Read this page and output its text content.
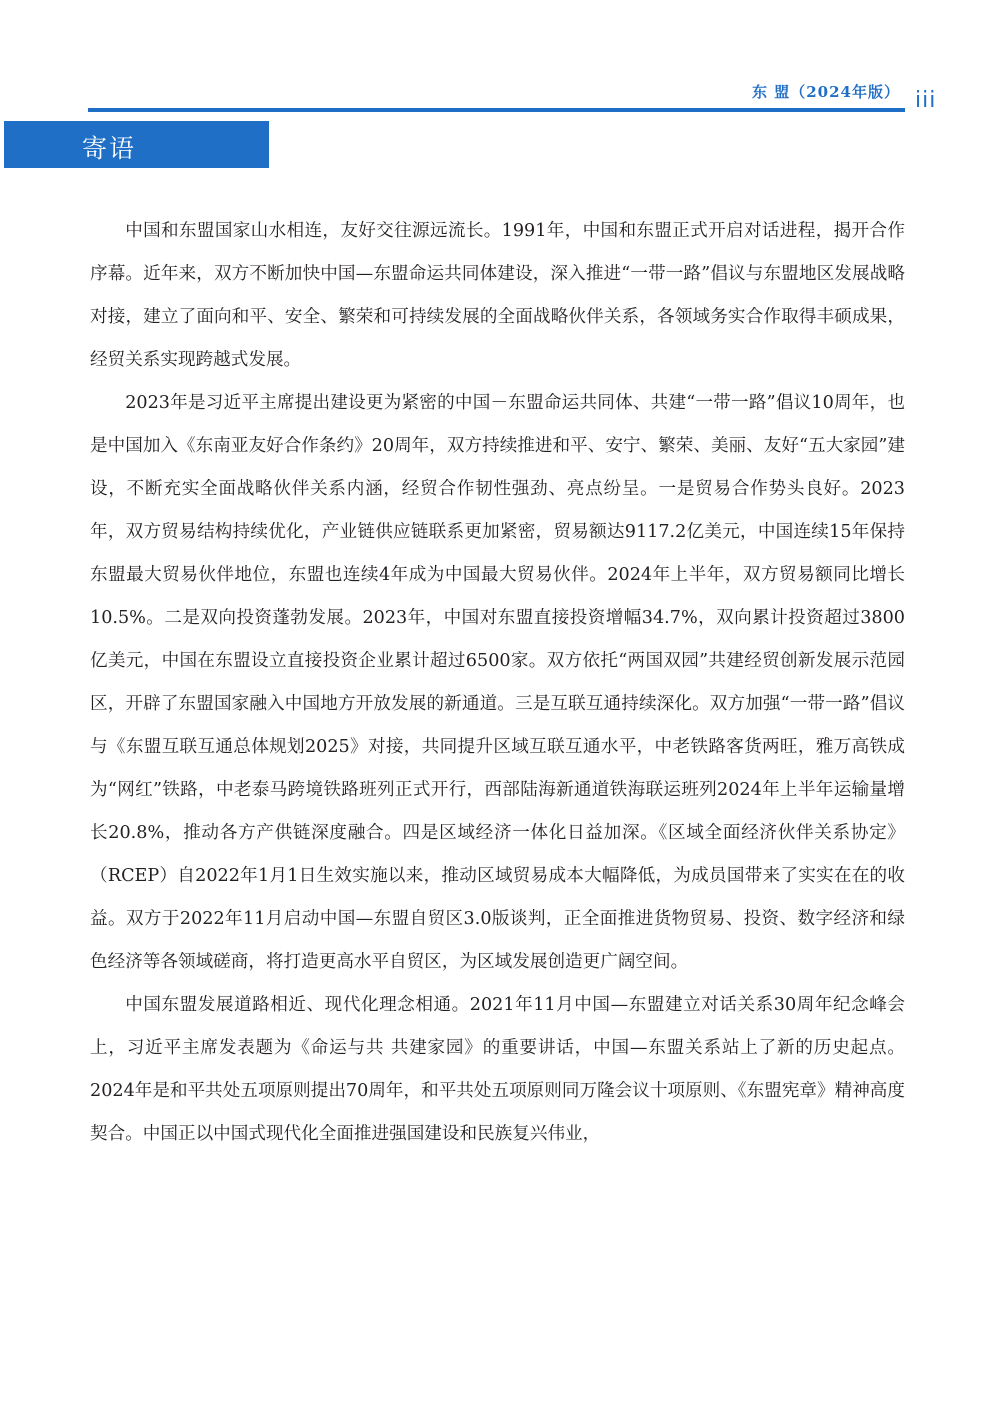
东 盟（2024年版） iii
寄语

中国和东盟国家山水相连，友好交往源远流长。1991年，中国和东盟正式开启对话进程，揭开合作序幕。近年来，双方不断加快中国—东盟命运共同体建设，深入推进“一带一路”倡议与东盟地区发展战略对接，建立了面向和平、安全、繁荣和可持续发展的全面战略伙伴关系，各领域务实合作取得丰硕成果，经贸关系实现跨越式发展。

2023年是习近平主席提出建设更为紧密的中国－东盟命运共同体、共建“一带一路”倡议10周年，也是中国加入《东南亚友好合作条约》20周年，双方持续推进和平、安宁、繁荣、美丽、友好“五大家园”建设，不断充实全面战略伙伴关系内涵，经贸合作韧性强劲、亮点纷呈。一是贸易合作势头良好。2023年，双方贸易结构持续优化，产业链供应链联系更加紧密，贸易额达9117.2亿美元，中国连续15年保持东盟最大贸易伙伴地位，东盟也连续4年成为中国最大贸易伙伴。2024年上半年，双方贸易额同比增长10.5%。二是双向投资蓬勃发展。2023年，中国对东盟直接投资增幅34.7%，双向累计投资超过3800亿美元，中国在东盟设立直接投资企业累计超过6500家。双方依托“两国双园”共建经贸创新发展示范园区，开辟了东盟国家融入中国地方开放发展的新通道。三是互联互通持续深化。双方加强“一带一路”倡议与《东盟互联互通总体规划2025》对接，共同提升区域互联互通水平，中老铁路客货两旺，雅万高铁成为“网红”铁路，中老泰马跨境铁路班列正式开行，西部陆海新通道铁海联运班列2024年上半年运输量增长20.8%，推动各方产供链深度融合。四是区域经济一体化日益加深。《区域全面经济伙伴关系协定》（RCEP）自2022年1月1日生效实施以来，推动区域贸易成本大幅降低，为成员国带来了实实在在的收益。双方于2022年11月启动中国—东盟自贸区3.0版谈判，正全面推进货物贸易、投资、数字经济和绿色经济等各领域磋商，将打造更高水平自贸区，为区域发展创造更广阔空间。

中国东盟发展道路相近、现代化理念相通。2021年11月中国—东盟建立对话关系30周年纪念峰会上，习近平主席发表题为《命运与共 共建家园》的重要讲话，中国—东盟关系站上了新的历史起点。2024年是和平共处五项原则提出70周年，和平共处五项原则同万隆会议十项原则、《东盟宪章》精神高度契合。中国正以中国式现代化全面推进强国建设和民族复兴伟业，
